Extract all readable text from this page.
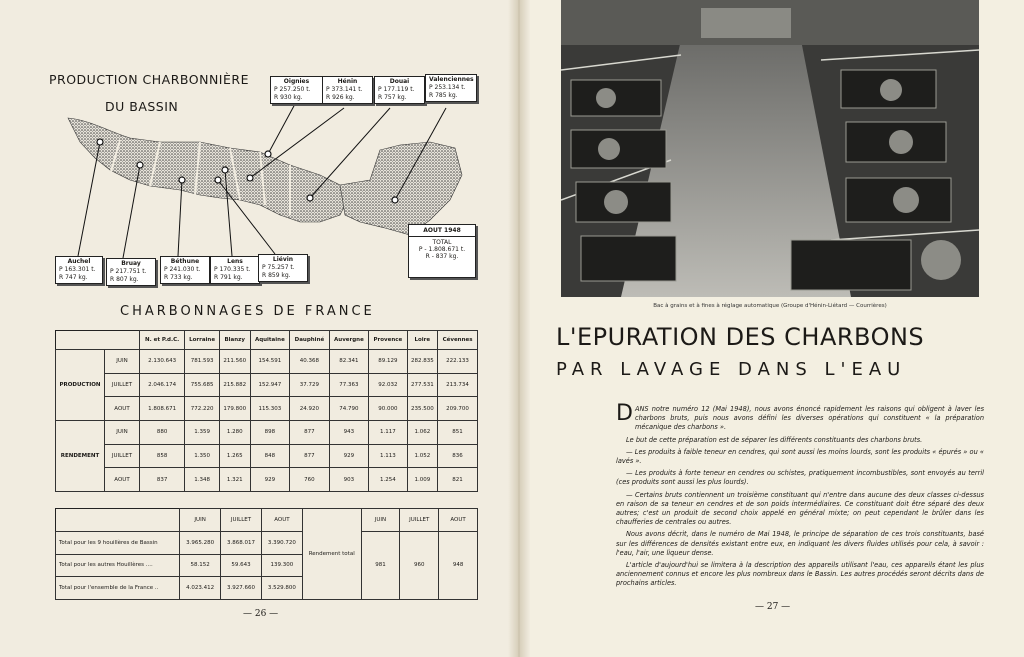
PRODUCTION CHARBONNIÈRE
DU BASSIN
Oignies
P 257.250 t.
R 930 kg.
Hénin
P 373.141 t.
R 926 kg.
Douai
P 177.119 t.
R 757 kg.
Valenciennes
P 253.134 t.
R 785 kg.
Auchel
P 163.301 t.
R 747 kg.
Bruay
P 217.751 t.
R 807 kg.
Béthune
P 241.030 t.
R 733 kg.
Lens
P 170.335 t.
R 791 kg.
Liévin
P 75.257 t.
R 859 kg.
AOUT 1948
TOTAL
P - 1.808.671 t.
R - 837 kg.
CHARBONNAGES DE FRANCE
		N. et P.d.C.	Lorraine	Blanzy	Aquitaine	Dauphiné	Auvergne	Provence	Loire	Cévennes
PRODUCTION	JUIN	2.130.643	781.593	211.560	154.591	40.368	82.341	89.129	282.835	222.133
	JUILLET	2.046.174	755.685	215.882	152.947	37.729	77.363	92.032	277.531	213.734
	AOUT	1.808.671	772.220	179.800	115.303	24.920	74.790	90.000	235.500	209.700
RENDEMENT	JUIN	880	1.359	1.280	898	877	943	1.117	1.062	851
	JUILLET	858	1.350	1.265	848	877	929	1.113	1.052	836
	AOUT	837	1.348	1.321	929	760	903	1.254	1.009	821
	JUIN	JUILLET	AOUT	Rendement total	JUIN	JUILLET	AOUT
Total pour les 9 houillères de Bassin	3.965.280	3.868.017	3.390.720		981	960	948
Total pour les autres Houillères ....	58.152	59.643	139.300				
Total pour l'ensemble de la France ..	4.023.412	3.927.660	3.529.800				
— 26 —
Bac à grains et à fines à réglage automatique (Groupe d'Hénin-Liétard — Courrières)
L'EPURATION DES CHARBONS
PAR LAVAGE DANS L'EAU

DANS notre numéro 12 (Mai 1948), nous avons énoncé rapidement les raisons qui obligent à laver les charbons bruts, puis nous avons défini les diverses opérations qui constituent « la préparation mécanique des charbons ».

Le but de cette préparation est de séparer les différents constituants des charbons bruts.

— Les produits à faible teneur en cendres, qui sont aussi les moins lourds, sont les produits « épurés » ou « lavés ».

— Les produits à forte teneur en cendres ou schistes, pratiquement incombustibles, sont envoyés au terril (ces produits sont aussi les plus lourds).

— Certains bruts contiennent un troisième constituant qui n'entre dans aucune des deux classes ci-dessus en raison de sa teneur en cendres et de son poids intermédiaires. Ce constituant doit être séparé des deux autres; c'est un produit de second choix appelé en général mixte; on peut cependant le brûler dans les chaufferies de centrales ou autres.

Nous avons décrit, dans le numéro de Mai 1948, le principe de séparation de ces trois constituants, basé sur les différences de densités existant entre eux, en indiquant les divers fluides utilisés pour cela, à savoir : l'eau, l'air, une liqueur dense.

L'article d'aujourd'hui se limitera à la description des appareils utilisant l'eau, ces appareils étant les plus anciennement connus et encore les plus nombreux dans le Bassin. Les autres procédés seront décrits dans de prochains articles.

— 27 —
